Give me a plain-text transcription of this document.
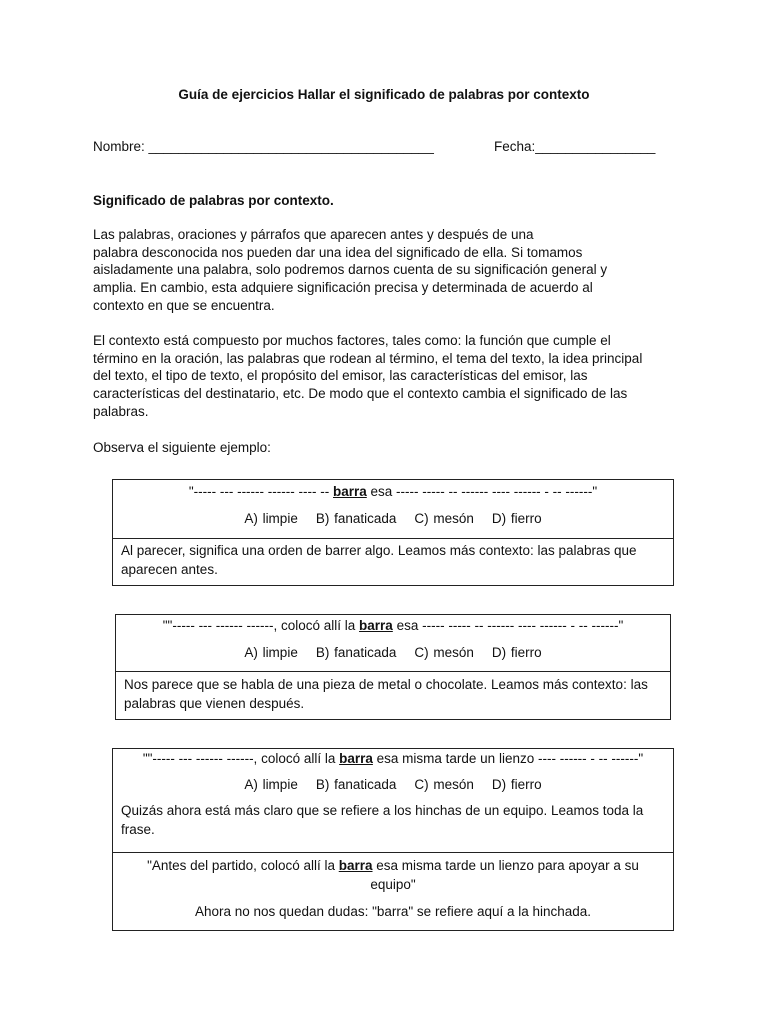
Guía de ejercicios Hallar el significado de palabras por contexto
Nombre: ______________________________________	Fecha:________________
Significado de palabras por contexto.
Las palabras, oraciones y párrafos que aparecen antes y después de una
palabra desconocida nos pueden dar una idea del significado de ella. Si tomamos
aisladamente una palabra, solo podremos darnos cuenta de su significación general y
amplia. En cambio, esta adquiere significación precisa y determinada de acuerdo al
contexto en que se encuentra.
El contexto está compuesto por muchos factores, tales como: la función que cumple el
término en la oración, las palabras que rodean al término, el tema del texto, la idea principal
del texto, el tipo de texto, el propósito del emisor, las características del emisor, las
características del destinatario, etc. De modo que el contexto cambia el significado de las
palabras.
Observa el siguiente ejemplo:
"----- --- ------ ------ ---- -- barra esa ----- ----- -- ------ ---- ------ - -- ------"
A) limpie B) fanaticada C) mesón D) fierro
Al parecer, significa una orden de barrer algo. Leamos más contexto: las palabras que
aparecen antes.
""----- --- ------ ------, colocó allí la barra esa ----- ----- -- ------ ---- ------ - -- ------"
A) limpie B) fanaticada C) mesón D) fierro
Nos parece que se habla de una pieza de metal o chocolate. Leamos más contexto: las
palabras que vienen después.
""----- --- ------ ------, colocó allí la barra esa misma tarde un lienzo ---- ------ - -- ------"
A) limpie B) fanaticada C) mesón D) fierro
Quizás ahora está más claro que se refiere a los hinchas de un equipo. Leamos toda la
frase.
"Antes del partido, colocó allí la barra esa misma tarde un lienzo para apoyar a su
equipo"
Ahora no nos quedan dudas: "barra" se refiere aquí a la hinchada.
